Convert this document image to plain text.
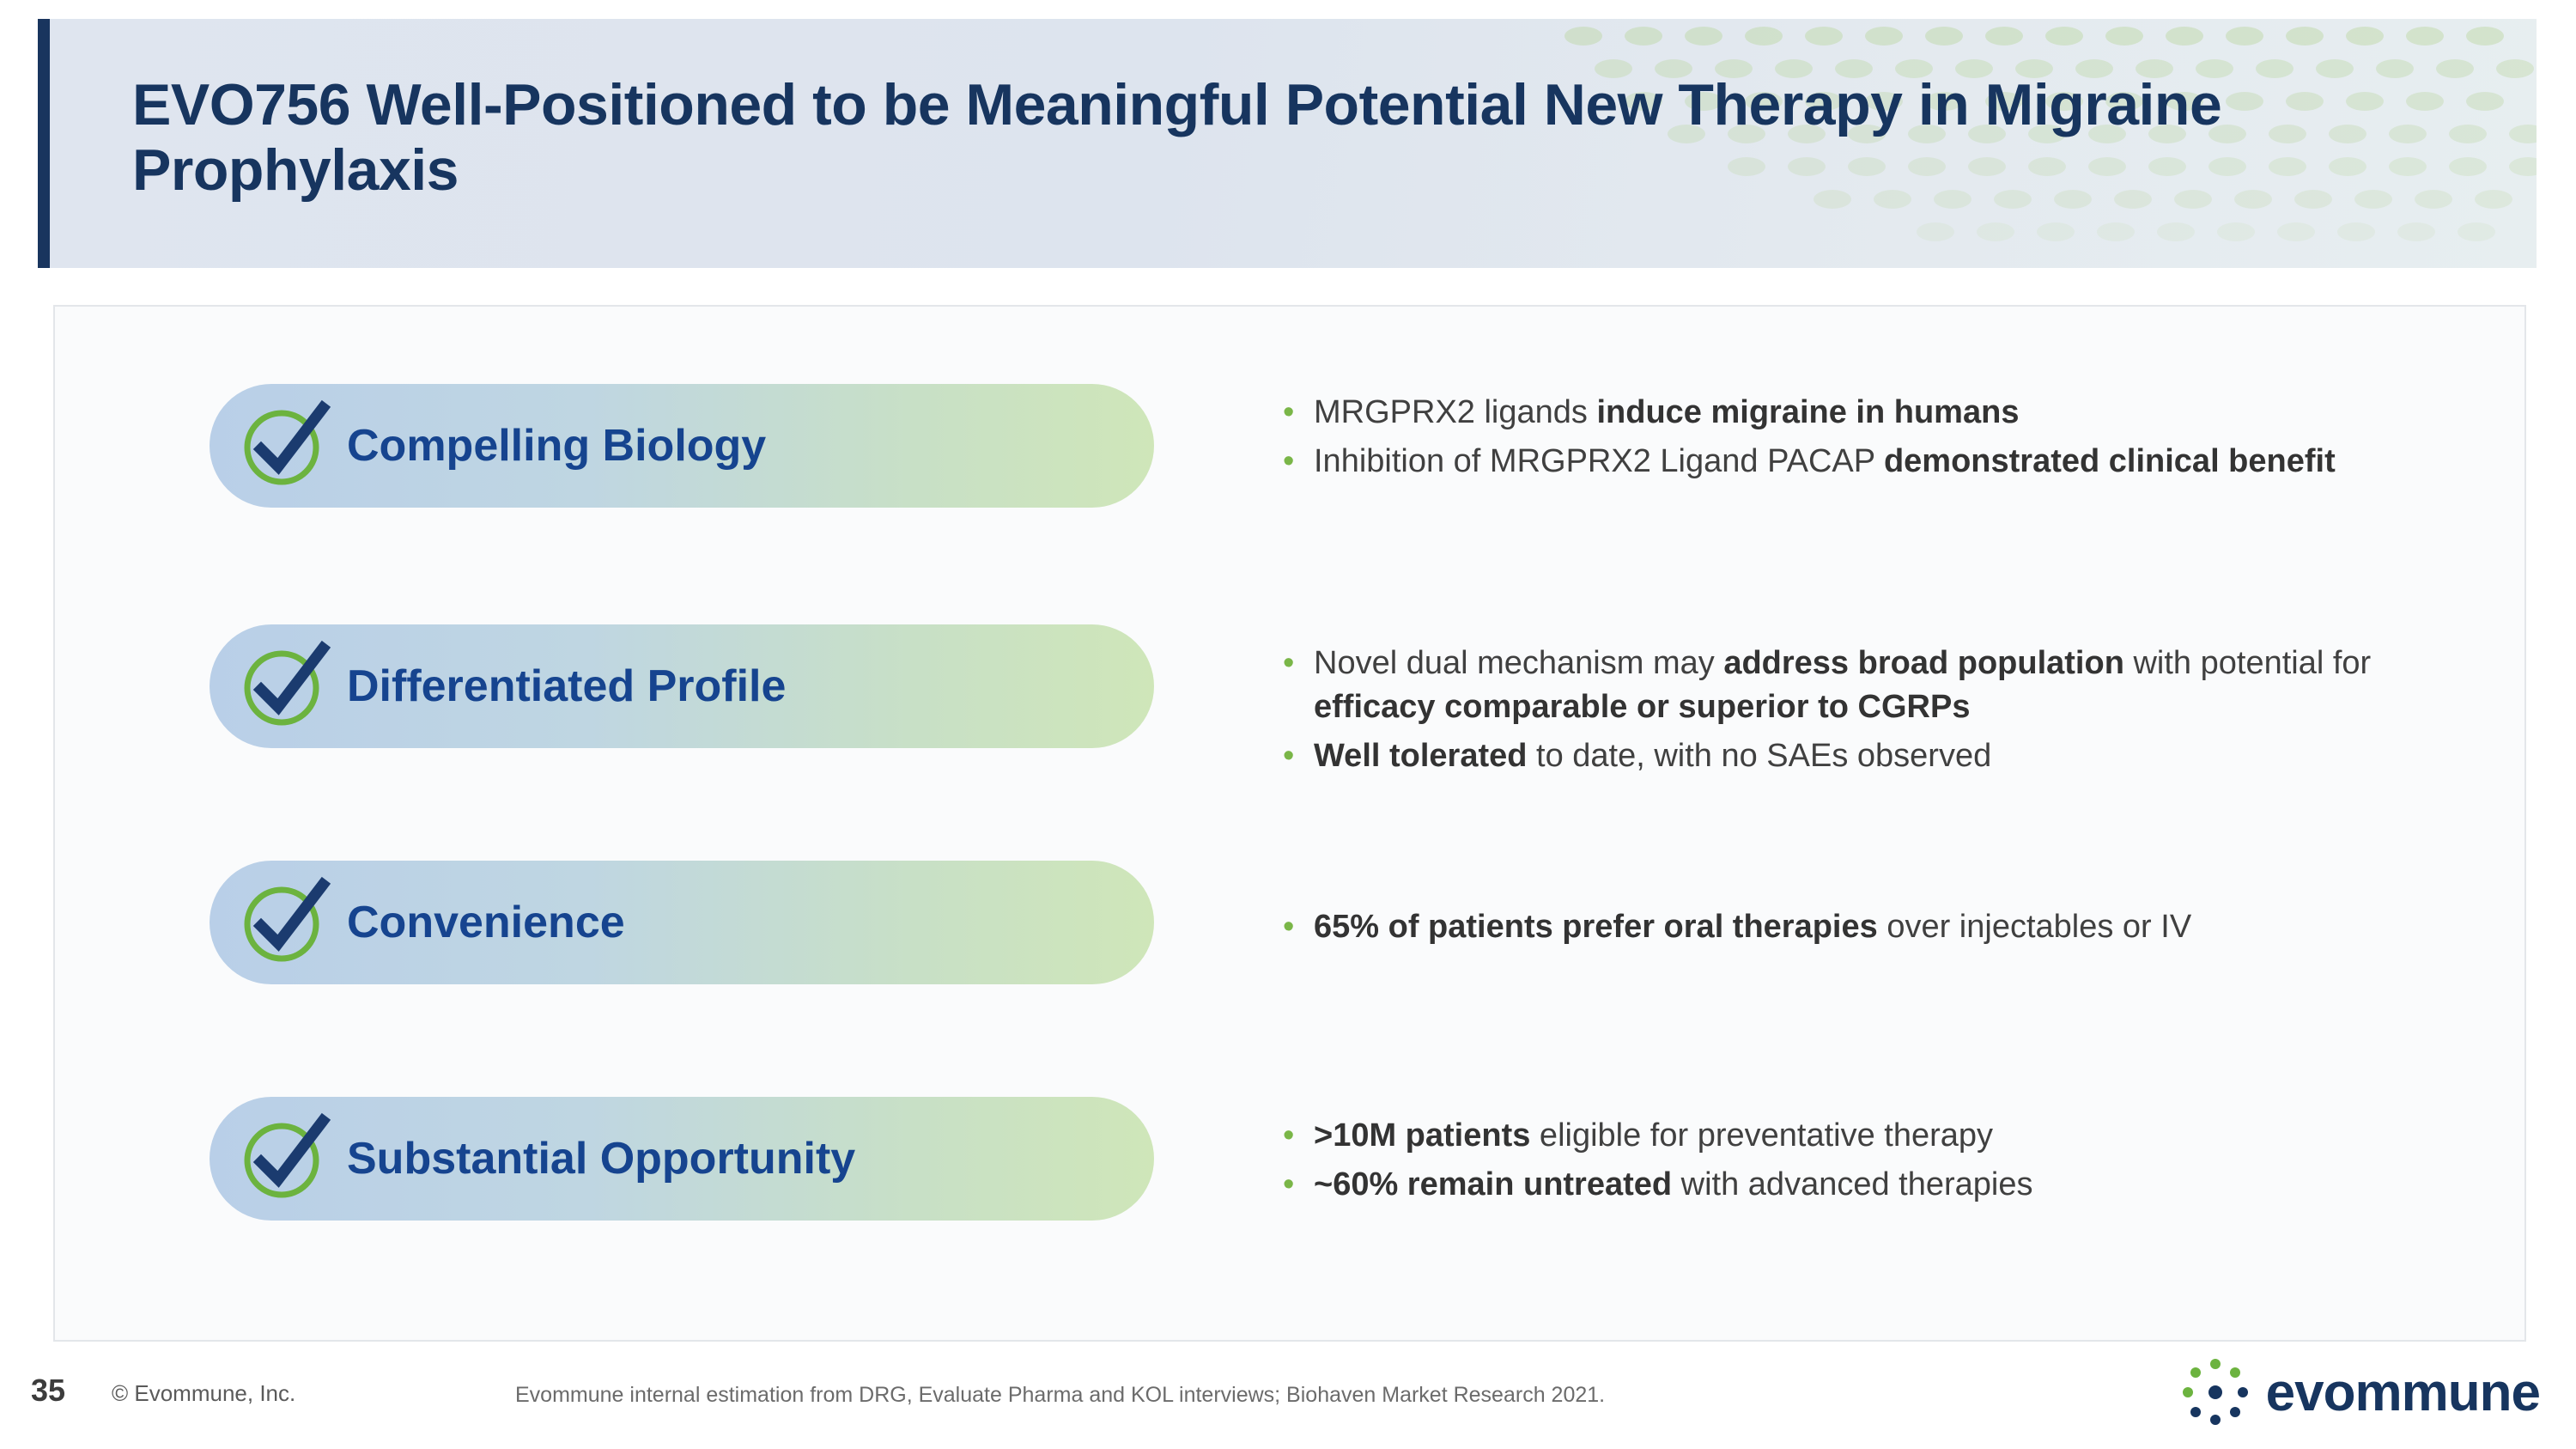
EVO756 Well-Positioned to be Meaningful Potential New Therapy in Migraine Prophylaxis
Compelling Biology
• MRGPRX2 ligands induce migraine in humans
• Inhibition of MRGPRX2 Ligand PACAP demonstrated clinical benefit
Differentiated Profile	• Novel dual mechanism may address broad population with potential for efficacy comparable or superior to CGRPs
• Well tolerated to date, with no SAEs observed
Convenience	• 65% of patients prefer oral therapies over injectables or IV
Substantial Opportunity	• >10M patients eligible for preventative therapy
• ~60% remain untreated with advanced therapies
35 © Evommune, Inc.	Evommune internal estimation from DRG, Evaluate Pharma and KOL interviews; Biohaven Market Research 2021.	evommune
